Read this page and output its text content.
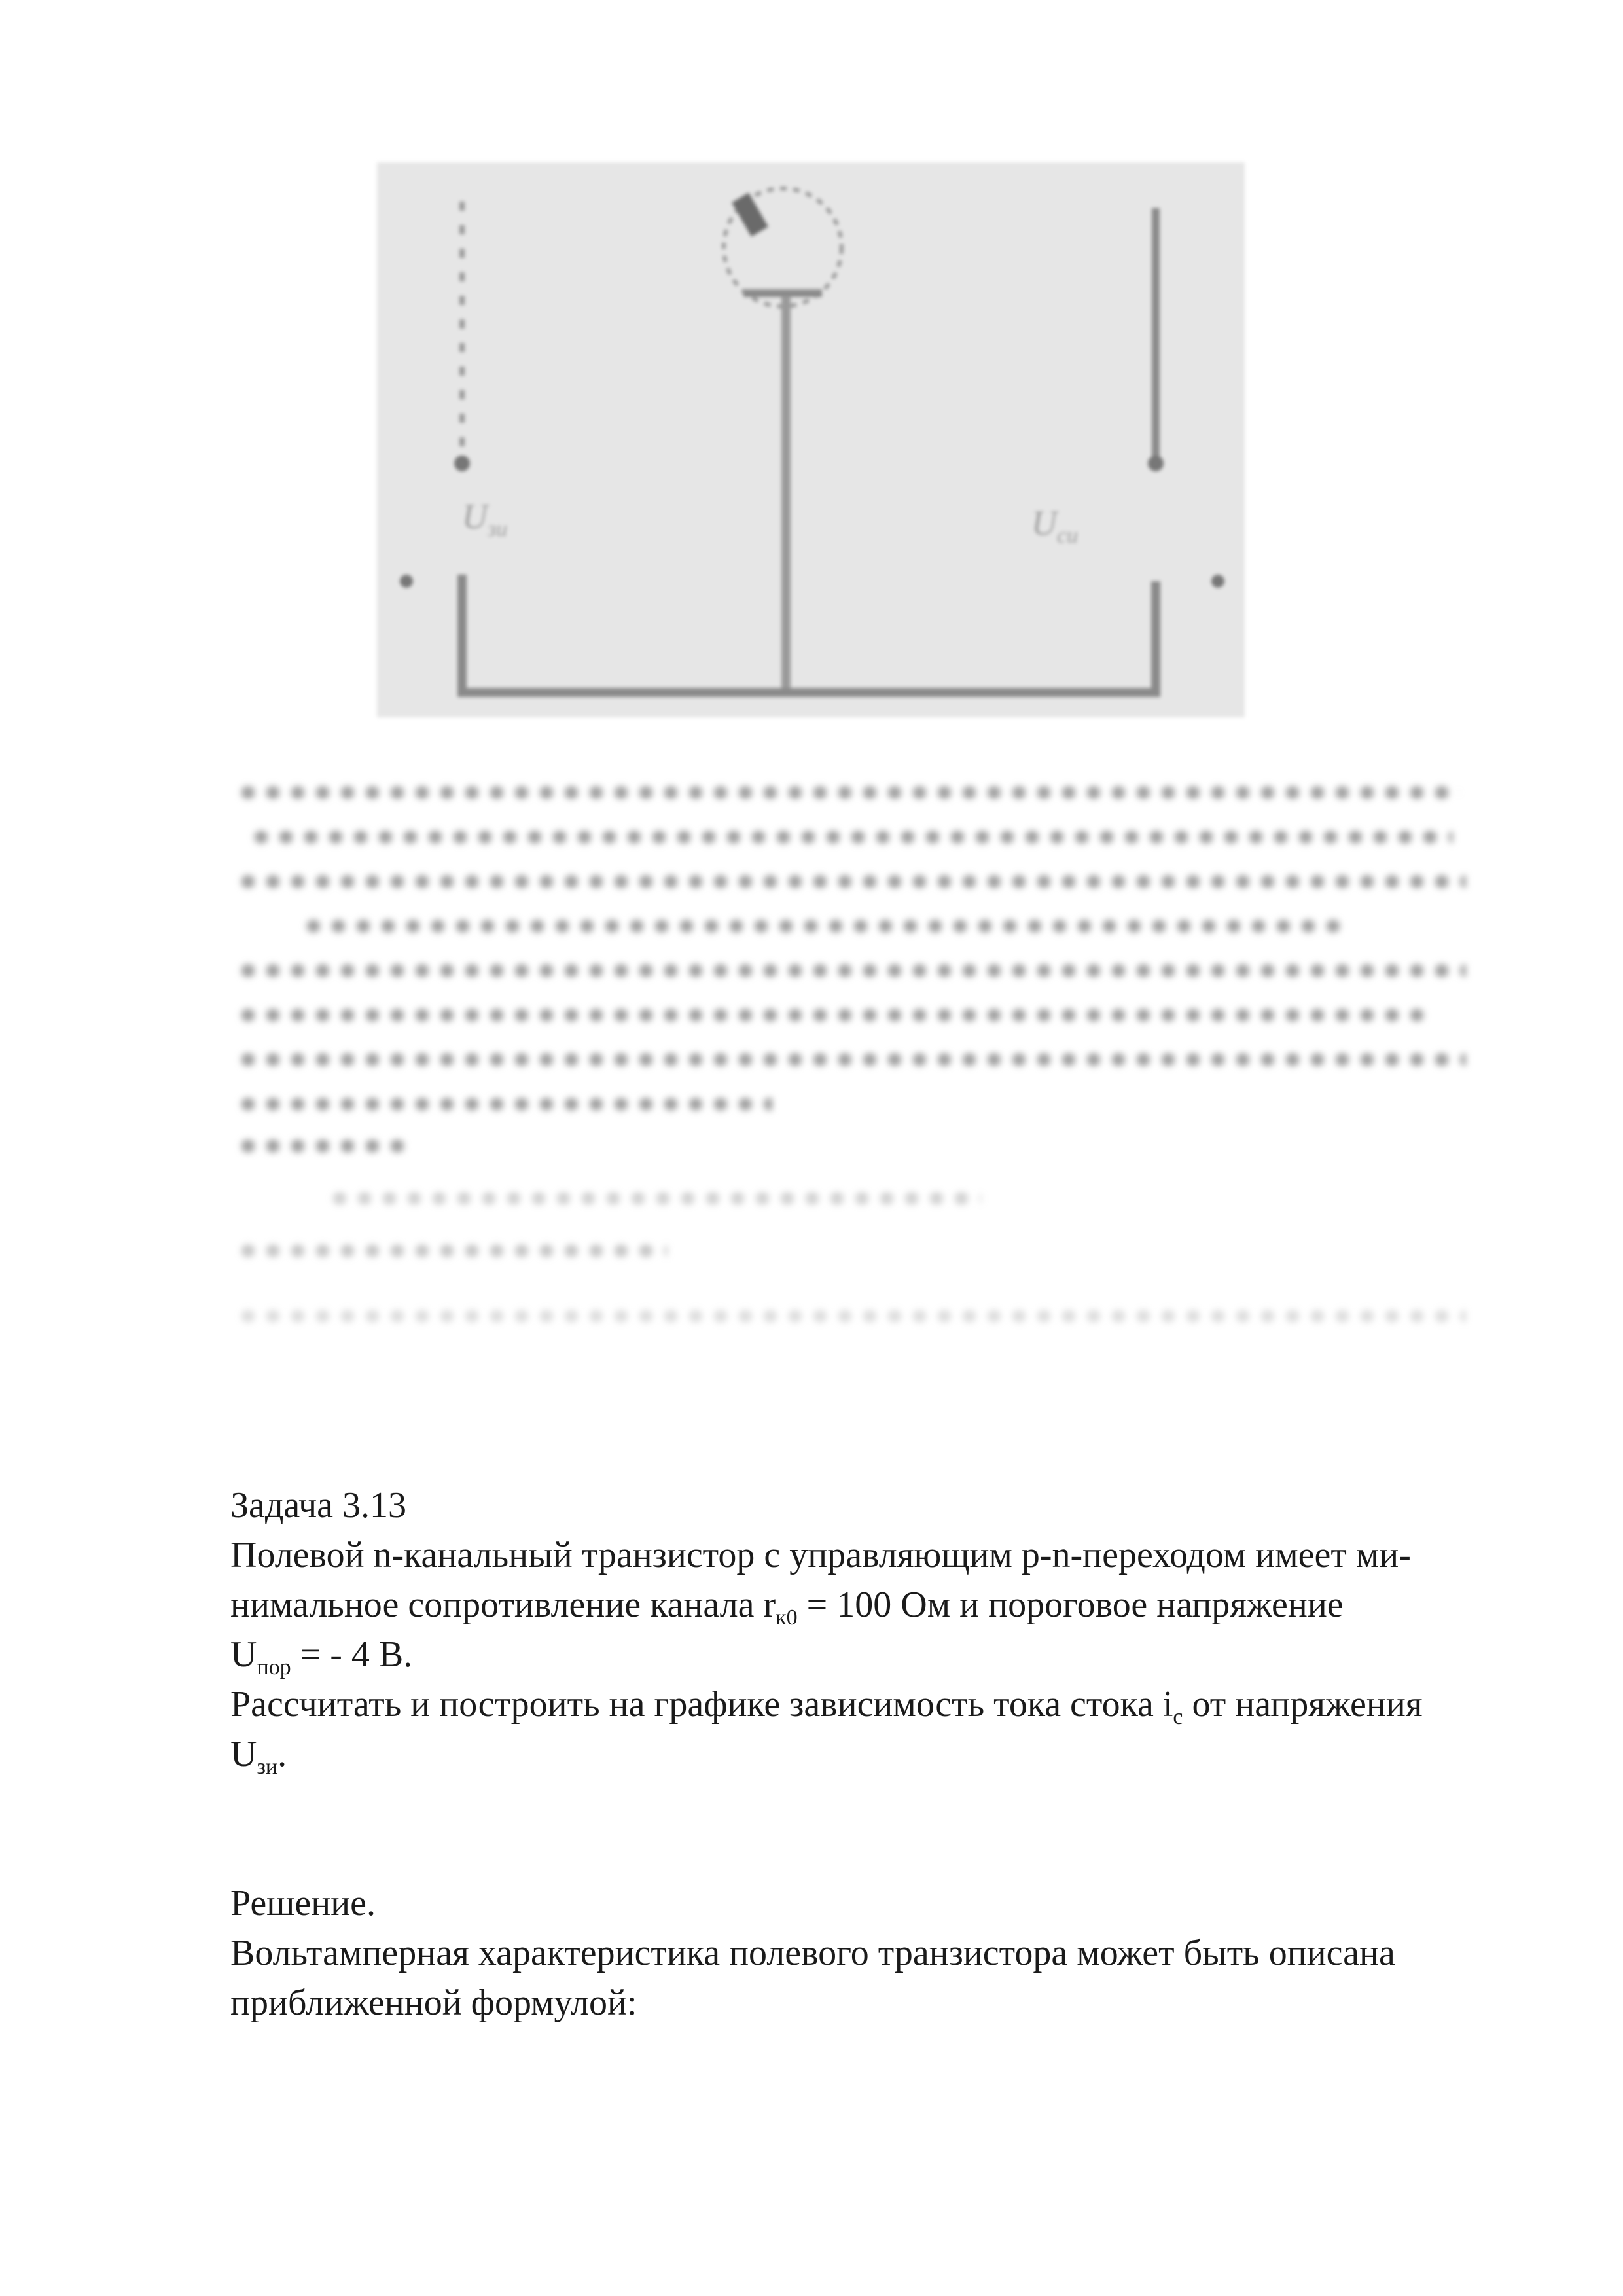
$U_{зи}$	$U_{си}$

Задача 3.13

Полевой n-канальный транзистор с управляющим p-n-переходом имеет ми-

нимальное сопротивление канала $r_{к0} = 100$ Ом и пороговое напряжение

$U_{пор}$ = - 4 В.

Рассчитать и построить на графике зависимость тока стока $i_с$ от напряжения

$U_{зи}$.

Решение.

Вольтамперная характеристика полевого транзистора может быть описана

приближенной формулой:
